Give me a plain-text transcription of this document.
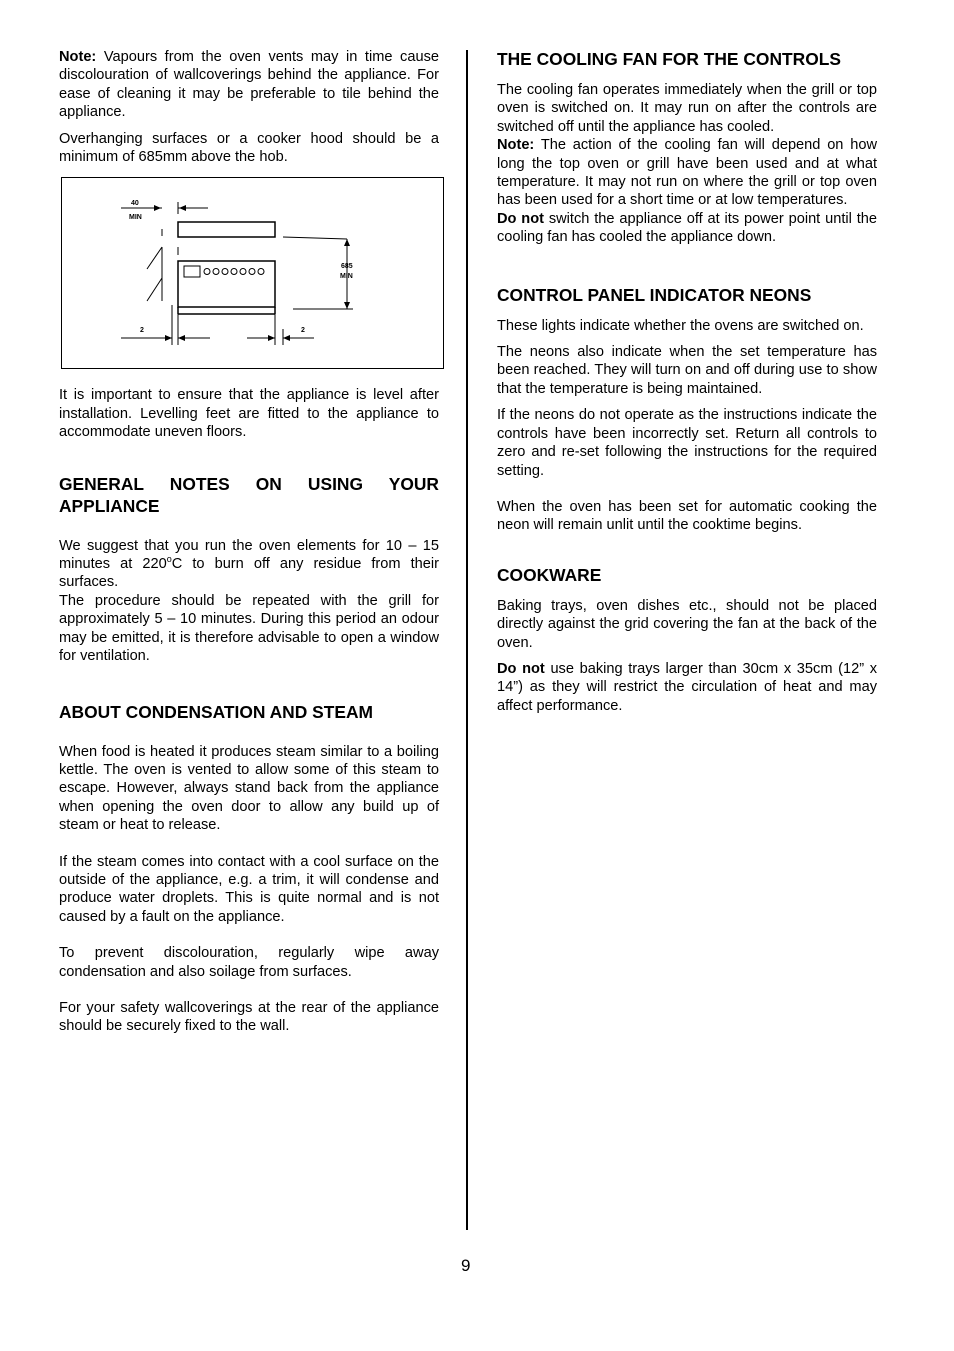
Note: Vapours from the oven vents may in time cause discolouration of wallcoverings behind the appliance. For ease of cleaning it may be preferable to tile behind the appliance.

Overhanging surfaces or a cooker hood should be a minimum of 685mm above the hob.

40
MIN
685
MIN
2	2

It is important to ensure that the appliance is level after installation. Levelling feet are fitted to the appliance to accommodate uneven floors.

GENERAL NOTES ON USING YOUR APPLIANCE

We suggest that you run the oven elements for 10 – 15 minutes at 220$^o$C to burn off any residue from their surfaces.

The procedure should be repeated with the grill for approximately 5 – 10 minutes. During this period an odour may be emitted, it is therefore advisable to open a window for ventilation.

ABOUT CONDENSATION AND STEAM

When food is heated it produces steam similar to a boiling kettle. The oven is vented to allow some of this steam to escape. However, always stand back from the appliance when opening the oven door to allow any build up of steam or heat to release.

If the steam comes into contact with a cool surface on the outside of the appliance, e.g. a trim, it will condense and produce water droplets. This is quite normal and is not caused by a fault on the appliance.

To prevent discolouration, regularly wipe away condensation and also soilage from surfaces.

For your safety wallcoverings at the rear of the appliance should be securely fixed to the wall.

THE COOLING FAN FOR THE CONTROLS

The cooling fan operates immediately when the grill or top oven is switched on. It may run on after the controls are switched off until the appliance has cooled.

Note: The action of the cooling fan will depend on how long the top oven or grill have been used and at what temperature. It may not run on where the grill or top oven has been used for a short time or at low temperatures.

Do not switch the appliance off at its power point until the cooling fan has cooled the appliance down.

CONTROL PANEL INDICATOR NEONS

These lights indicate whether the ovens are switched on.

The neons also indicate when the set temperature has been reached. They will turn on and off during use to show that the temperature is being maintained.

If the neons do not operate as the instructions indicate the controls have been incorrectly set. Return all controls to zero and re-set following the instructions for the required setting.

When the oven has been set for automatic cooking the neon will remain unlit until the cooktime begins.

COOKWARE

Baking trays, oven dishes etc., should not be placed directly against the grid covering the fan at the back of the oven.

Do not use baking trays larger than 30cm x 35cm (12” x 14”) as they will restrict the circulation of heat and may affect performance.

9
